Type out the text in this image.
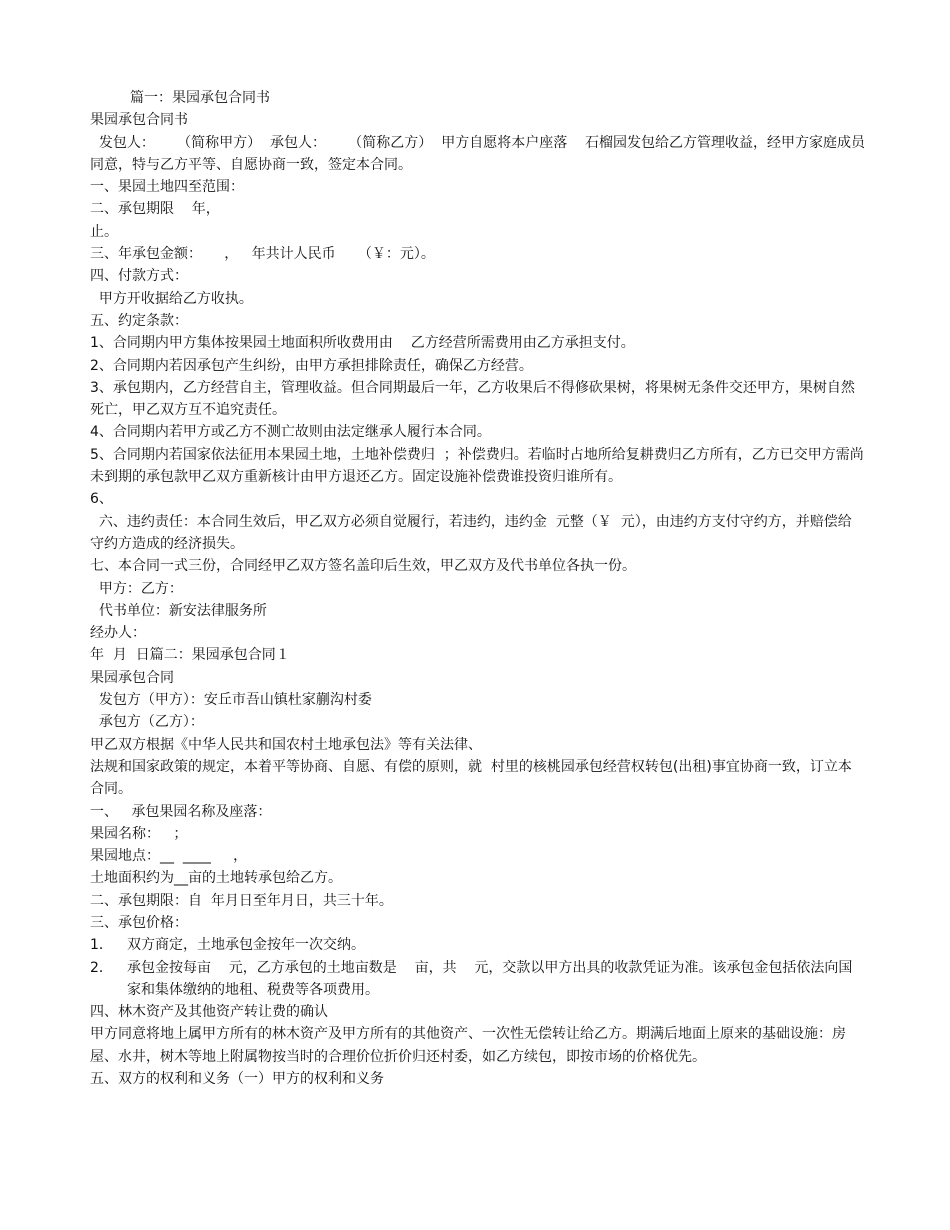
篇一：果园承包合同书
果园承包合同书
发包人：     （简称甲方）  承包人：     （简称乙方）  甲方自愿将本户座落    石榴园发包给乙方管理收益，经甲方家庭成员同意，特与乙方平等、自愿协商一致，签定本合同。
一、果园土地四至范围：
二、承包期限    年，
止。
三、年承包金额：     ，   年共计人民币     （￥：元）。
四、付款方式：
甲方开收据给乙方收执。
五、约定条款：
1、合同期内甲方集体按果园土地面积所收费用由    乙方经营所需费用由乙方承担支付。
2、合同期内若因承包产生纠纷，由甲方承担排除责任，确保乙方经营。
3、承包期内，乙方经营自主，管理收益。但合同期最后一年，乙方收果后不得修砍果树，将果树无条件交还甲方，果树自然死亡，甲乙双方互不追究责任。
4、合同期内若甲方或乙方不测亡故则由法定继承人履行本合同。
5、合同期内若国家依法征用本果园土地，土地补偿费归  ；补偿费归。若临时占地所给复耕费归乙方所有，乙方已交甲方需尚未到期的承包款甲乙双方重新核计由甲方退还乙方。固定设施补偿费谁投资归谁所有。
6、
六、违约责任：本合同生效后，甲乙双方必须自觉履行，若违约，违约金  元整（￥  元），由违约方支付守约方，并赔偿给守约方造成的经济损失。
七、本合同一式三份，合同经甲乙双方签名盖印后生效，甲乙双方及代书单位各执一份。
甲方：乙方：
代书单位：新安法律服务所
经办人：
年  月  日篇二：果园承包合同１
果园承包合同
发包方（甲方）：安丘市吾山镇杜家蒯沟村委
承包方（乙方）：
甲乙双方根据《中华人民共和国农村土地承包法》等有关法律、
法规和国家政策的规定，本着平等协商、自愿、有偿的原则，就  村里的核桃园承包经营权转包(出租)事宜协商一致，订立本合同。
一、   承包果园名称及座落：
果园名称：   ；
果园地点：__  ____     ，
土地面积约为__亩的土地转承包给乙方。
二、承包期限：自  年月日至年月日，共三十年。
三、承包价格：
1．	双方商定，土地承包金按年一次交纳。
2．	承包金按每亩    元，乙方承包的土地亩数是    亩，共    元，交款以甲方出具的收款凭证为准。该承包金包括依法向国家和集体缴纳的地租、税费等各项费用。
四、林木资产及其他资产转让费的确认
甲方同意将地上属甲方所有的林木资产及甲方所有的其他资产、一次性无偿转让给乙方。期满后地面上原来的基础设施：房屋、水井，树木等地上附属物按当时的合理价位折价归还村委，如乙方续包，即按市场的价格优先。
五、双方的权利和义务（一）甲方的权利和义务
